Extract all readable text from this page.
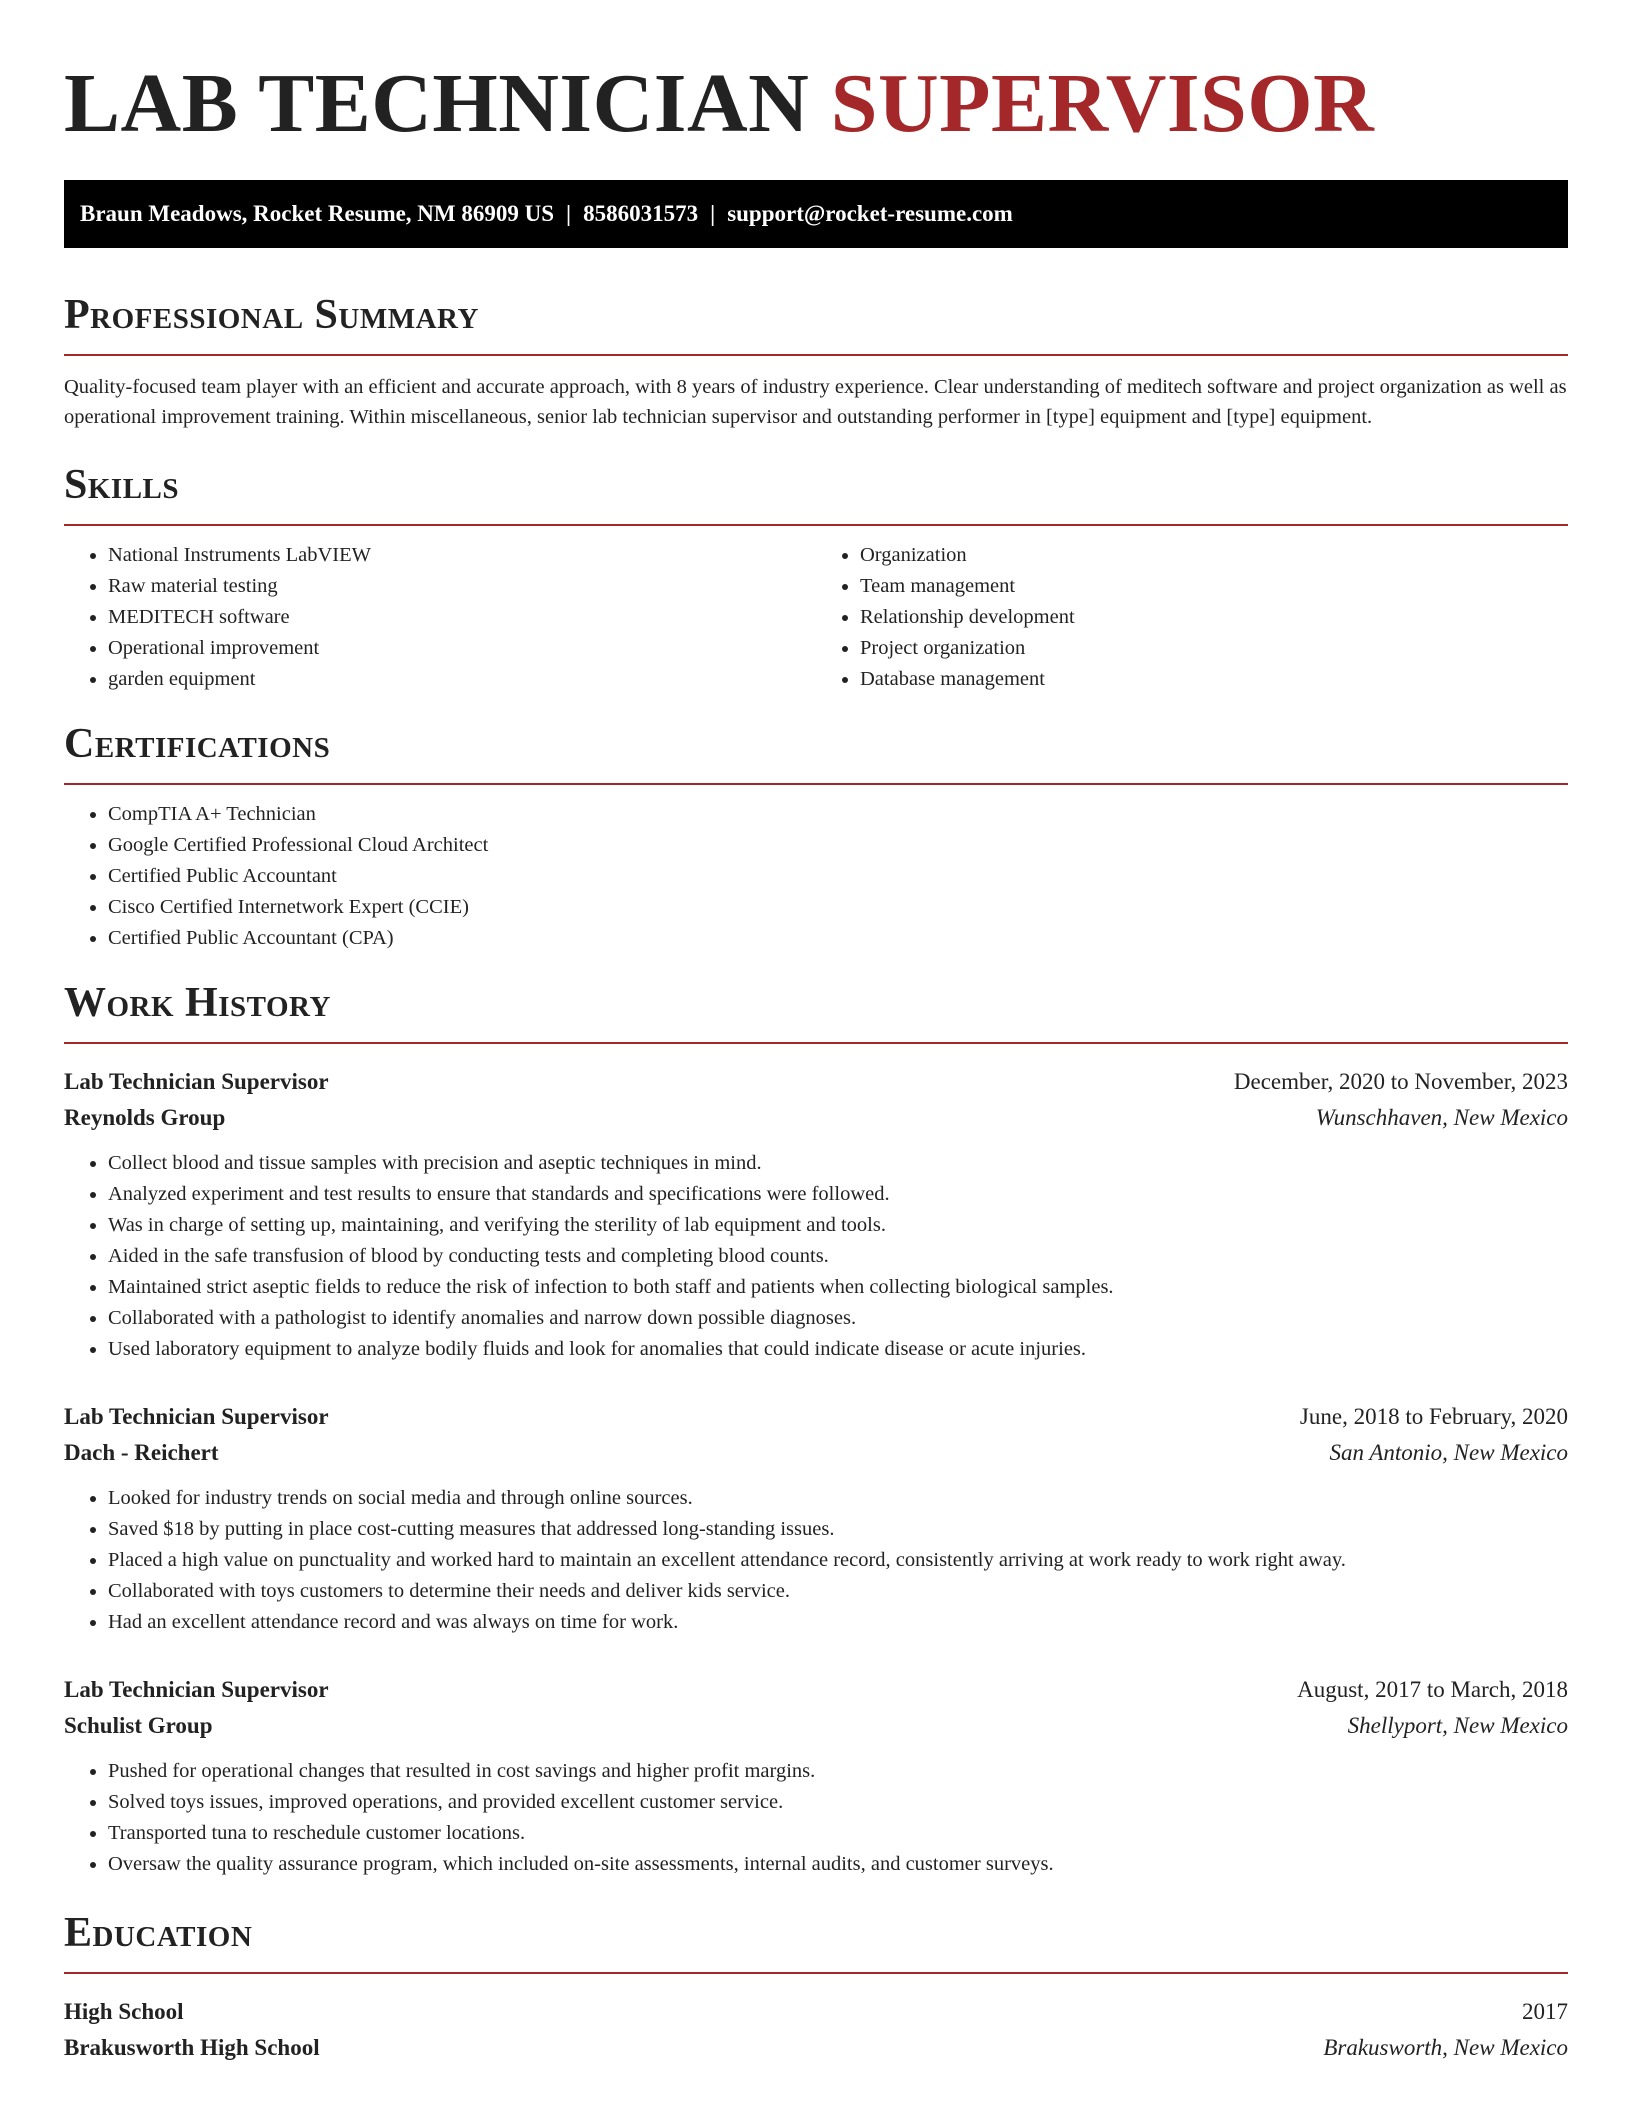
LAB TECHNICIAN SUPERVISOR
Braun Meadows, Rocket Resume, NM 86909 US | 8586031573 | support@rocket-resume.com
Professional Summary

Quality-focused team player with an efficient and accurate approach, with 8 years of industry experience. Clear understanding of meditech software and project organization as well as operational improvement training. Within miscellaneous, senior lab technician supervisor and outstanding performer in [type] equipment and [type] equipment.

Skills
• National Instruments LabVIEW
• Raw material testing
• MEDITECH software
• Operational improvement
• garden equipment
• Organization
• Team management
• Relationship development
• Project organization
• Database management
Certifications
• CompTIA A+ Technician
• Google Certified Professional Cloud Architect
• Certified Public Accountant
• Cisco Certified Internetwork Expert (CCIE)
• Certified Public Accountant (CPA)
Work History
Lab Technician Supervisor	December, 2020 to November, 2023
Reynolds Group	Wunschhaven, New Mexico
• Collect blood and tissue samples with precision and aseptic techniques in mind.
• Analyzed experiment and test results to ensure that standards and specifications were followed.
• Was in charge of setting up, maintaining, and verifying the sterility of lab equipment and tools.
• Aided in the safe transfusion of blood by conducting tests and completing blood counts.
• Maintained strict aseptic fields to reduce the risk of infection to both staff and patients when collecting biological samples.
• Collaborated with a pathologist to identify anomalies and narrow down possible diagnoses.
• Used laboratory equipment to analyze bodily fluids and look for anomalies that could indicate disease or acute injuries.
Lab Technician Supervisor	June, 2018 to February, 2020
Dach - Reichert	San Antonio, New Mexico
• Looked for industry trends on social media and through online sources.
• Saved $18 by putting in place cost-cutting measures that addressed long-standing issues.
• Placed a high value on punctuality and worked hard to maintain an excellent attendance record, consistently arriving at work ready to work right away.
• Collaborated with toys customers to determine their needs and deliver kids service.
• Had an excellent attendance record and was always on time for work.
Lab Technician Supervisor	August, 2017 to March, 2018
Schulist Group	Shellyport, New Mexico
• Pushed for operational changes that resulted in cost savings and higher profit margins.
• Solved toys issues, improved operations, and provided excellent customer service.
• Transported tuna to reschedule customer locations.
• Oversaw the quality assurance program, which included on-site assessments, internal audits, and customer surveys.
Education
High School	2017
Brakusworth High School	Brakusworth, New Mexico
